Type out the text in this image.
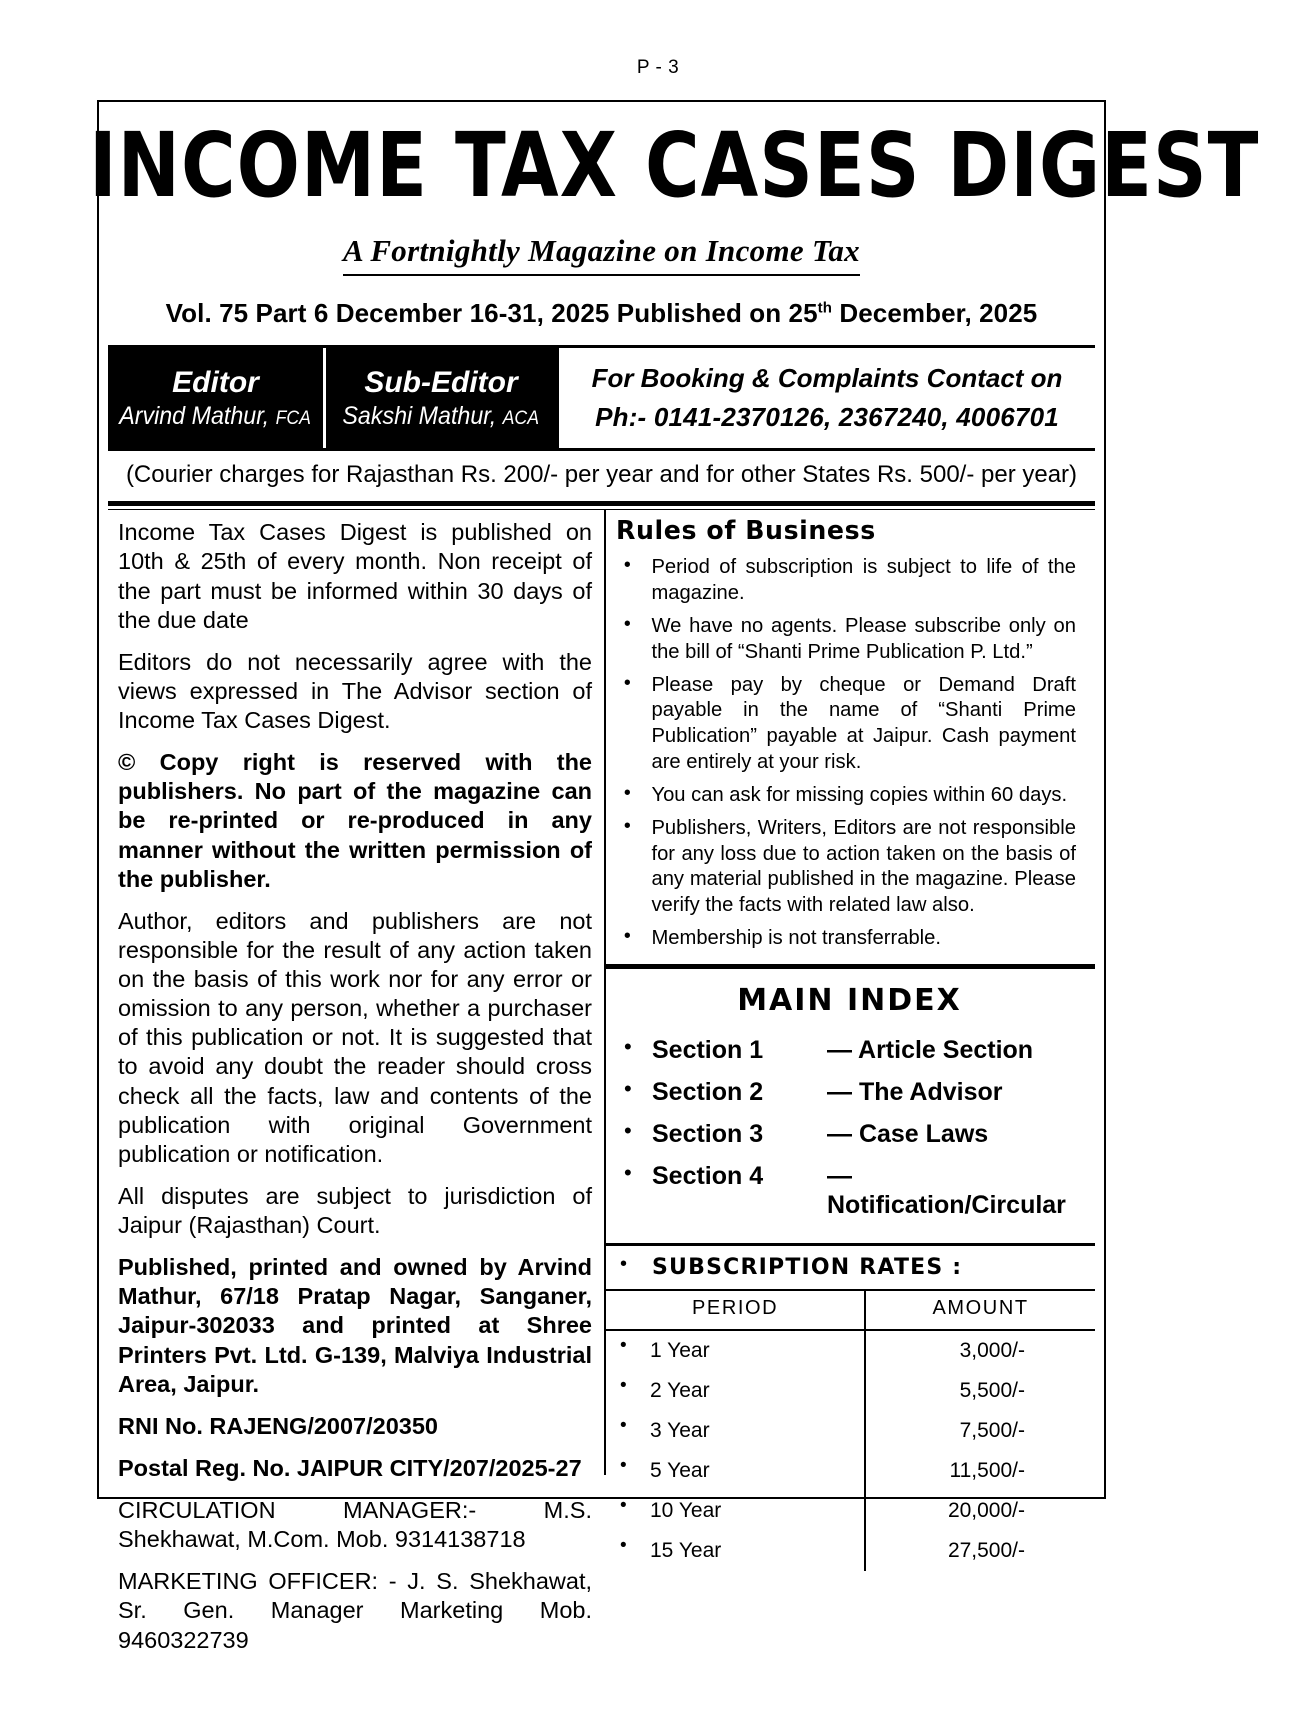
P - 3
INCOME TAX CASES DIGEST
A Fortnightly Magazine on Income Tax
Vol. 75 Part 6 December 16-31, 2025 Published on 25th December, 2025
Editor
Arvind Mathur, FCA
Sub-Editor
Sakshi Mathur, ACA
For Booking & Complaints Contact on
Ph:- 0141-2370126, 2367240, 4006701
(Courier charges for Rajasthan Rs. 200/- per year and for other States Rs. 500/- per year)

Income Tax Cases Digest is published on 10th & 25th of every month. Non receipt of the part must be informed within 30 days of the due date

Editors do not necessarily agree with the views expressed in The Advisor section of Income Tax Cases Digest.

© Copy right is reserved with the publishers. No part of the magazine can be re-printed or re-produced in any manner without the written permission of the publisher.

Author, editors and publishers are not responsible for the result of any action taken on the basis of this work nor for any error or omission to any person, whether a purchaser of this publication or not. It is suggested that to avoid any doubt the reader should cross check all the facts, law and contents of the publication with original Government publication or notification.

All disputes are subject to jurisdiction of Jaipur (Rajasthan) Court.

Published, printed and owned by Arvind Mathur, 67/18 Pratap Nagar, Sanganer, Jaipur-302033 and printed at Shree Printers Pvt. Ltd. G-139, Malviya Industrial Area, Jaipur.

RNI No. RAJENG/2007/20350

Postal Reg. No. JAIPUR CITY/207/2025-27

CIRCULATION MANAGER:- M.S. Shekhawat, M.Com. Mob. 9314138718

MARKETING OFFICER: - J. S. Shekhawat, Sr. Gen. Manager Marketing Mob. 9460322739

Rules of Business
• Period of subscription is subject to life of the magazine.
• We have no agents. Please subscribe only on the bill of “Shanti Prime Publication P. Ltd.”
• Please pay by cheque or Demand Draft payable in the name of “Shanti Prime Publication” payable at Jaipur. Cash payment are entirely at your risk.
• You can ask for missing copies within 60 days.
• Publishers, Writers, Editors are not responsible for any loss due to action taken on the basis of any material published in the magazine. Please verify the facts with related law also.
• Membership is not transferrable.
MAIN INDEX
• Section 1	— Article Section
• Section 2	— The Advisor
• Section 3	— Case Laws
• Section 4	— Notification/Circular
• SUBSCRIPTION RATES :
PERIOD	AMOUNT
• 1 Year	3,000/-
• 2 Year	5,500/-
• 3 Year	7,500/-
• 5 Year	11,500/-
• 10 Year	20,000/-
• 15 Year	27,500/-
